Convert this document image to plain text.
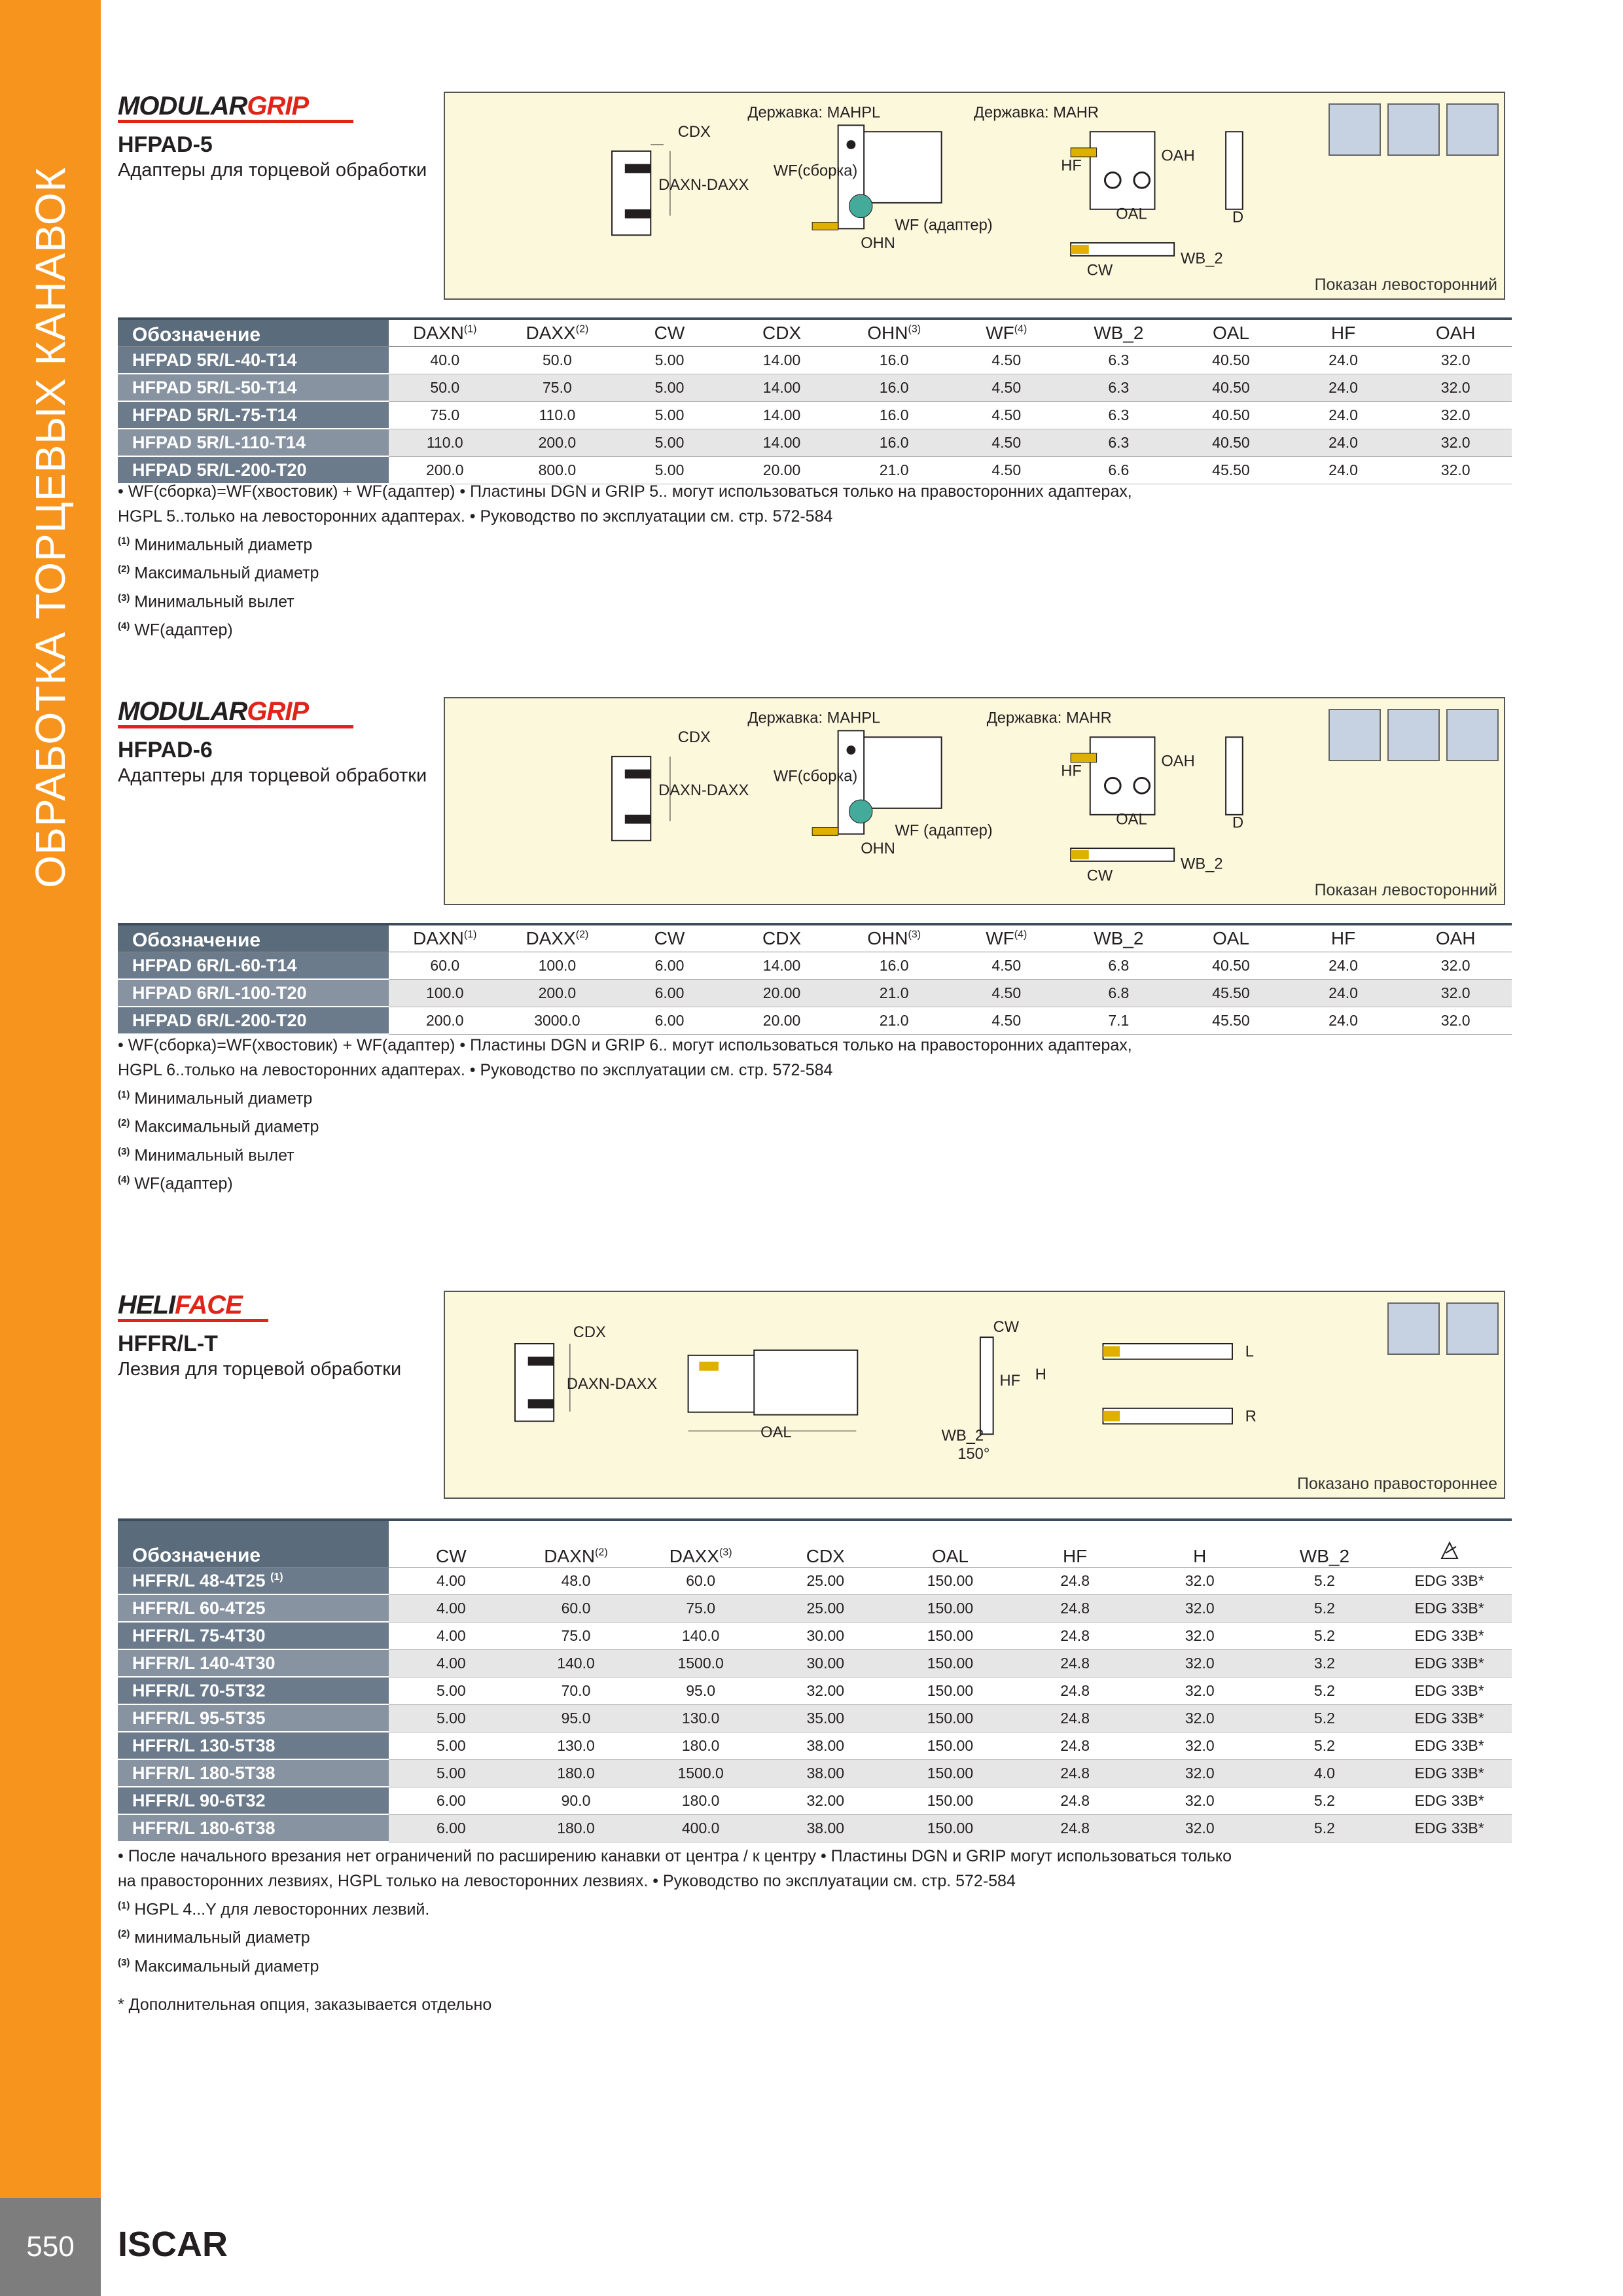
ОБРАБОТКА ТОРЦЕВЫХ КАНАВОК
550	ISCAR
MODULARGRIP
HFPAD-5
Адаптеры для торцевой обработки
CDX
DAXN-DAXX
Державка: MAHPL
WF(сборка)
WF (адаптер)
OHN
Державка: MAHR
HF
OAH
OAL	D
CW
WB_2
Показан левосторонний
Обозначение	DAXN$^{(1)}$	DAXX$^{(2)}$	CW	CDX	OHN$^{(3)}$	WF$^{(4)}$	WB_2	OAL	HF	OAH
HFPAD 5R/L-40-T14	40.0	50.0	5.00	14.00	16.0	4.50	6.3	40.50	24.0	32.0
HFPAD 5R/L-50-T14	50.0	75.0	5.00	14.00	16.0	4.50	6.3	40.50	24.0	32.0
HFPAD 5R/L-75-T14	75.0	110.0	5.00	14.00	16.0	4.50	6.3	40.50	24.0	32.0
HFPAD 5R/L-110-T14	110.0	200.0	5.00	14.00	16.0	4.50	6.3	40.50	24.0	32.0
HFPAD 5R/L-200-T20	200.0	800.0	5.00	20.00	21.0	4.50	6.6	45.50	24.0	32.0
• WF(сборка)=WF(хвостовик) + WF(адаптер) • Пластины DGN и GRIP 5.. могут использоваться только на правосторонних адаптерах,
HGPL 5..только на левосторонних адаптерах. • Руководство по эксплуатации см. стр. 572-584
$^{(1)}$ Минимальный диаметр
$^{(2)}$ Максимальный диаметр
$^{(3)}$ Минимальный вылет
$^{(4)}$ WF(адаптер)
MODULARGRIP
HFPAD-6
Адаптеры для торцевой обработки
CDX
DAXN-DAXX
Державка: MAHPL
WF(сборка)
WF (адаптер)
OHN
Державка: MAHR
HF
OAH
OAL	D
CW
WB_2
Показан левосторонний
Обозначение	DAXN$^{(1)}$	DAXX$^{(2)}$	CW	CDX	OHN$^{(3)}$	WF$^{(4)}$	WB_2	OAL	HF	OAH
HFPAD 6R/L-60-T14	60.0	100.0	6.00	14.00	16.0	4.50	6.8	40.50	24.0	32.0
HFPAD 6R/L-100-T20	100.0	200.0	6.00	20.00	21.0	4.50	6.8	45.50	24.0	32.0
HFPAD 6R/L-200-T20	200.0	3000.0	6.00	20.00	21.0	4.50	7.1	45.50	24.0	32.0
• WF(сборка)=WF(хвостовик) + WF(адаптер) • Пластины DGN и GRIP 6.. могут использоваться только на правосторонних адаптерах,
HGPL 6..только на левосторонних адаптерах. • Руководство по эксплуатации см. стр. 572-584
$^{(1)}$ Минимальный диаметр
$^{(2)}$ Максимальный диаметр
$^{(3)}$ Минимальный вылет
$^{(4)}$ WF(адаптер)
HELIFACE
HFFR/L-T
Лезвия для торцевой обработки
CDX
DAXN-DAXX
OAL
CW
HF H
WB_2
150°
L
R
Показано правостороннее
Обозначение	CW	DAXN$^{(2)}$	DAXX$^{(3)}$	CDX	OAL	HF	H	WB_2	
HFFR/L 48-4T25 $^{(1)}$	4.00	48.0	60.0	25.00	150.00	24.8	32.0	5.2	EDG 33B*
HFFR/L 60-4T25	4.00	60.0	75.0	25.00	150.00	24.8	32.0	5.2	EDG 33B*
HFFR/L 75-4T30	4.00	75.0	140.0	30.00	150.00	24.8	32.0	5.2	EDG 33B*
HFFR/L 140-4T30	4.00	140.0	1500.0	30.00	150.00	24.8	32.0	3.2	EDG 33B*
HFFR/L 70-5T32	5.00	70.0	95.0	32.00	150.00	24.8	32.0	5.2	EDG 33B*
HFFR/L 95-5T35	5.00	95.0	130.0	35.00	150.00	24.8	32.0	5.2	EDG 33B*
HFFR/L 130-5T38	5.00	130.0	180.0	38.00	150.00	24.8	32.0	5.2	EDG 33B*
HFFR/L 180-5T38	5.00	180.0	1500.0	38.00	150.00	24.8	32.0	4.0	EDG 33B*
HFFR/L 90-6T32	6.00	90.0	180.0	32.00	150.00	24.8	32.0	5.2	EDG 33B*
HFFR/L 180-6T38	6.00	180.0	400.0	38.00	150.00	24.8	32.0	5.2	EDG 33B*
• После начального врезания нет ограничений по расширению канавки от центра / к центру • Пластины DGN и GRIP могут использоваться только
на правосторонних лезвиях, HGPL только на левосторонних лезвиях. • Руководство по эксплуатации см. стр. 572-584
$^{(1)}$ HGPL 4...Y для левосторонних лезвий.
$^{(2)}$ минимальный диаметр
$^{(3)}$ Максимальный диаметр
* Дополнительная опция, заказывается отдельно
